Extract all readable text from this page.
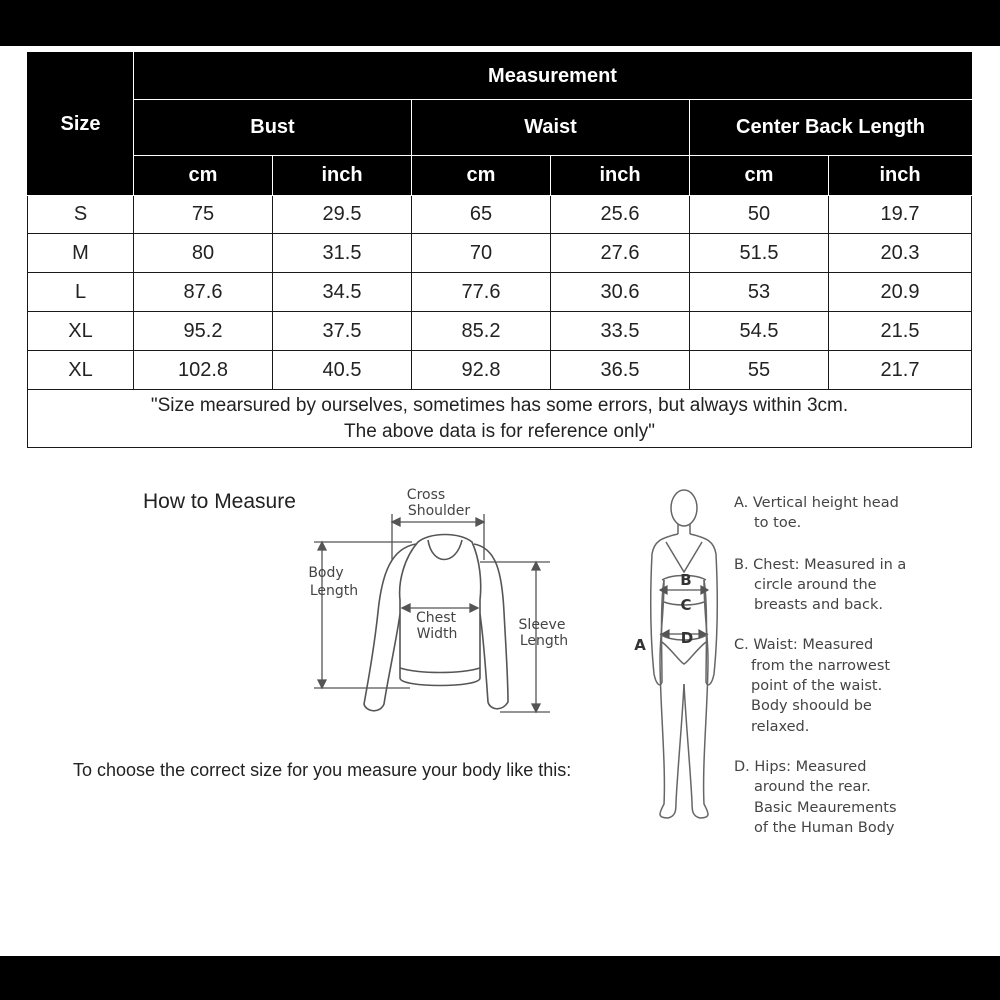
Size	Measurement					
	Bust		Waist		Center Back Length	
	cm	inch	cm	inch	cm	inch
S	75	29.5	65	25.6	50	19.7
M	80	31.5	70	27.6	51.5	20.3
L	87.6	34.5	77.6	30.6	53	20.9
XL	95.2	37.5	85.2	33.5	54.5	21.5
XL	102.8	40.5	92.8	36.5	55	21.7

"Size mearsured by ourselves, sometimes has some errors, but always within 3cm.
The above data is for reference only"						
How to Measure	Cross
Shoulder
Body
Length
Chest
Width
Sleeve
Length
B
C
D
A
A. Vertical height head
to toe.
B. Chest: Measured in a
circle around the
breasts and back.
C. Waist: Measured
from the narrowest
point of the waist.
Body shoould be
relaxed.
D. Hips: Measured
around the rear.
Basic Meaurements
of the Human Body
To choose the correct size for you measure your body like this:
